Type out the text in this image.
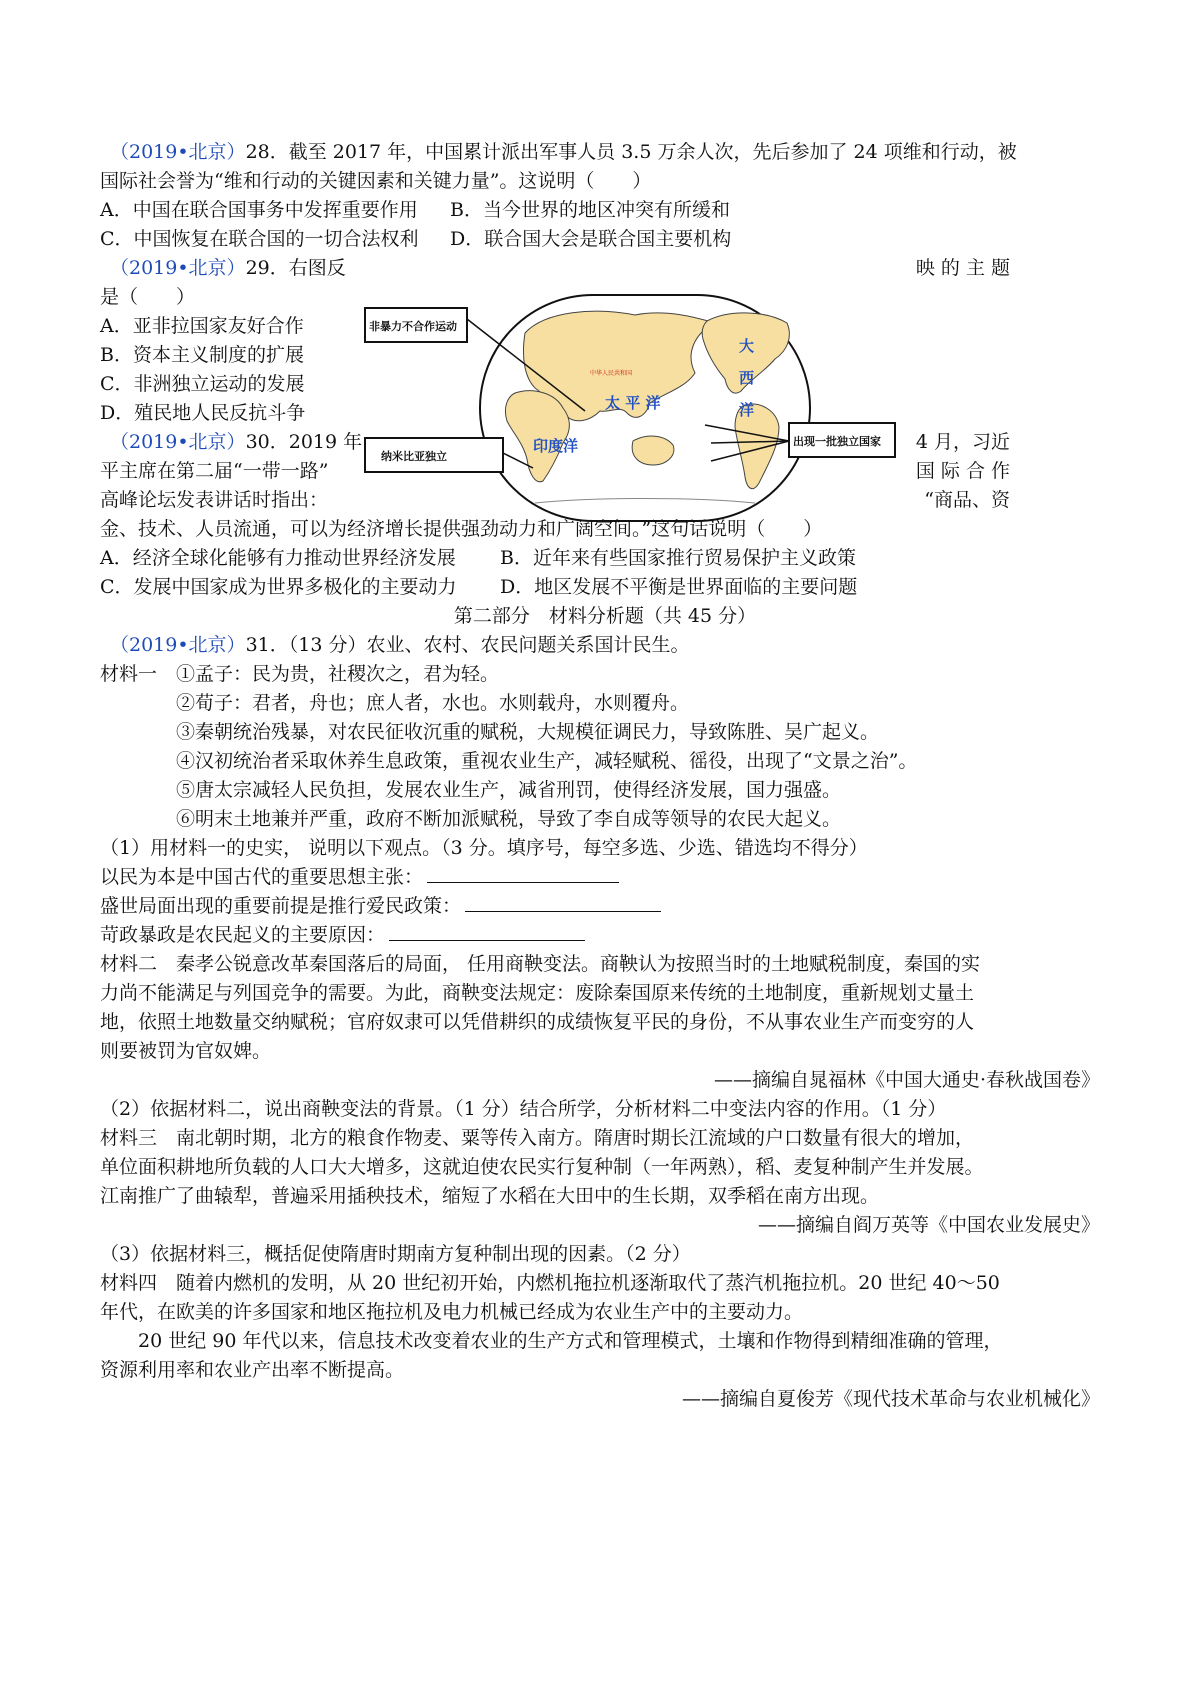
（2019•北京）28．截至 2017 年，中国累计派出军事人员 3.5 万余人次，先后参加了 24 项维和行动，被
国际社会誉为“维和行动的关键因素和关键力量”。这说明（　　）
A．中国在联合国事务中发挥重要作用 B．当今世界的地区冲突有所缓和
C．中国恢复在联合国的一切合法权利 D．联合国大会是联合国主要机构
（2019•北京）29．右图反	映 的 主 题
是（　　）
A．亚非拉国家友好合作
B．资本主义制度的扩展
C．非洲独立运动的发展
D．殖民地人民反抗斗争
中华人民共和国
太 平 洋
大
西
洋
印度洋
非暴力不合作运动
纳米比亚独立
出现一批独立国家
（2019•北京）30．2019 年	4 月，习近
平主席在第二届“一带一路”	国 际 合 作
高峰论坛发表讲话时指出：	“商品、资
金、技术、人员流通，可以为经济增长提供强劲动力和广阔空间。”这句话说明（　　）
A．经济全球化能够有力推动世界经济发展 B．近年来有些国家推行贸易保护主义政策
C．发展中国家成为世界多极化的主要动力 D．地区发展不平衡是世界面临的主要问题
第二部分　材料分析题（共 45 分）
（2019•北京）31．（13 分）农业、农村、农民问题关系国计民生。
材料一 ①孟子：民为贵，社稷次之，君为轻。
②荀子：君者，舟也；庶人者，水也。水则载舟，水则覆舟。
③秦朝统治残暴，对农民征收沉重的赋税，大规模征调民力，导致陈胜、吴广起义。
④汉初统治者采取休养生息政策，重视农业生产，减轻赋税、徭役，出现了“文景之治”。
⑤唐太宗减轻人民负担，发展农业生产，减省刑罚，使得经济发展，国力强盛。
⑥明末土地兼并严重，政府不断加派赋税，导致了李自成等领导的农民大起义。
（1）用材料一的史实， 说明以下观点。（3 分。填序号，每空多选、少选、错选均不得分）
以民为本是中国古代的重要思想主张：
盛世局面出现的重要前提是推行爱民政策：
苛政暴政是农民起义的主要原因：
材料二　秦孝公锐意改革秦国落后的局面， 任用商鞅变法。商鞅认为按照当时的土地赋税制度，秦国的实
力尚不能满足与列国竞争的需要。为此，商鞅变法规定：废除秦国原来传统的土地制度，重新规划丈量土
地，依照土地数量交纳赋税；官府奴隶可以凭借耕织的成绩恢复平民的身份，不从事农业生产而变穷的人
则要被罚为官奴婢。
——摘编自晁福林《中国大通史·春秋战国卷》
（2）依据材料二，说出商鞅变法的背景。（1 分）结合所学，分析材料二中变法内容的作用。（1 分）
材料三　南北朝时期，北方的粮食作物麦、粟等传入南方。隋唐时期长江流域的户口数量有很大的增加，
单位面积耕地所负载的人口大大增多，这就迫使农民实行复种制（一年两熟），稻、麦复种制产生并发展。
江南推广了曲辕犁，普遍采用插秧技术，缩短了水稻在大田中的生长期，双季稻在南方出现。
——摘编自阎万英等《中国农业发展史》
（3）依据材料三，概括促使隋唐时期南方复种制出现的因素。（2 分）
材料四　随着内燃机的发明，从 20 世纪初开始，内燃机拖拉机逐渐取代了蒸汽机拖拉机。20 世纪 40～50
年代，在欧美的许多国家和地区拖拉机及电力机械已经成为农业生产中的主要动力。
　　20 世纪 90 年代以来，信息技术改变着农业的生产方式和管理模式，土壤和作物得到精细准确的管理，
资源利用率和农业产出率不断提高。
——摘编自夏俊芳《现代技术革命与农业机械化》
